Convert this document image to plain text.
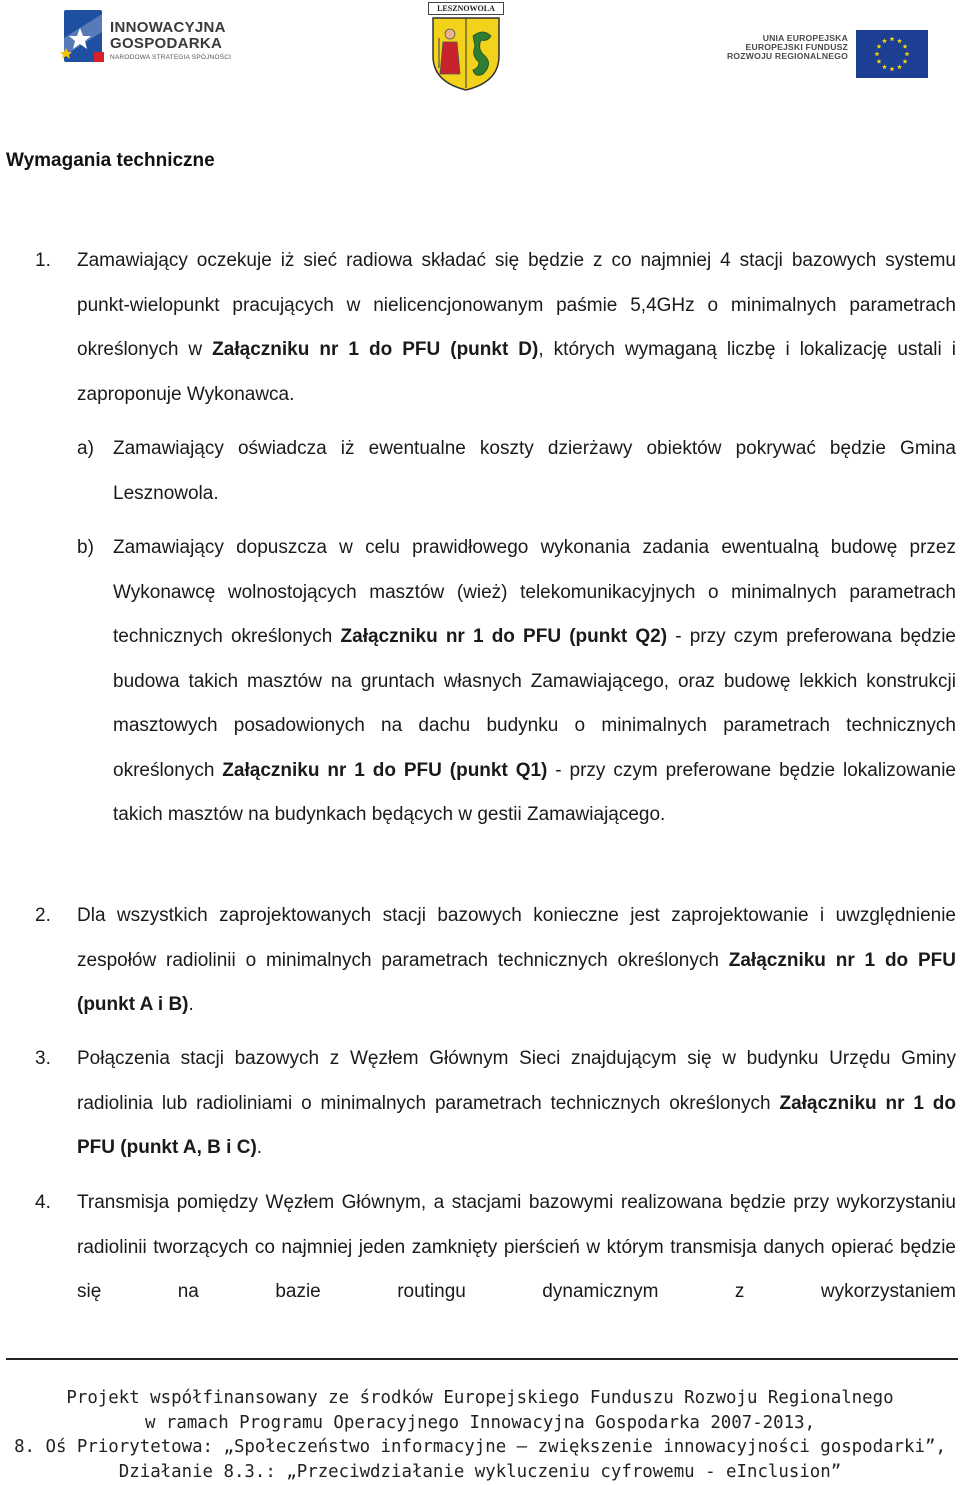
INNOWACYJNA
GOSPODARKA
NARODOWA STRATEGIA SPÓJNOŚCI
LESZNOWOLA
UNIA EUROPEJSKA
EUROPEJSKI FUNDUSZ
ROZWOJU REGIONALNEGO
Wymagania techniczne

1. Zamawiający oczekuje iż sieć radiowa składać się będzie z co najmniej 4 stacji bazowych systemu punkt-wielopunkt pracujących w nielicencjonowanym paśmie 5,4GHz o minimalnych parametrach określonych w Załączniku nr 1 do PFU (punkt D), których wymaganą liczbę i lokalizację ustali i zaproponuje Wykonawca.

a) Zamawiający oświadcza iż ewentualne koszty dzierżawy obiektów pokrywać będzie Gmina Lesznowola.

b) Zamawiający dopuszcza w celu prawidłowego wykonania zadania ewentualną budowę przez Wykonawcę wolnostojących masztów (wież) telekomunikacyjnych o minimalnych parametrach technicznych określonych Załączniku nr 1 do PFU (punkt Q2) - przy czym preferowana będzie budowa takich masztów na gruntach własnych Zamawiającego, oraz budowę lekkich konstrukcji masztowych posadowionych na dachu budynku o minimalnych parametrach technicznych określonych Załączniku nr 1 do PFU (punkt Q1) - przy czym preferowane będzie lokalizowanie takich masztów na budynkach będących w gestii Zamawiającego.

2. Dla wszystkich zaprojektowanych stacji bazowych konieczne jest zaprojektowanie i uwzględnienie zespołów radiolinii o minimalnych parametrach technicznych określonych Załączniku nr 1 do PFU (punkt A i B).

3. Połączenia stacji bazowych z Węzłem Głównym Sieci znajdującym się w budynku Urzędu Gminy radiolinia lub radioliniami o minimalnych parametrach technicznych określonych Załączniku nr 1 do PFU (punkt A, B i C).

4. Transmisja pomiędzy Węzłem Głównym, a stacjami bazowymi realizowana będzie przy wykorzystaniu radiolinii tworzących co najmniej jeden zamknięty pierścień w którym transmisja danych opierać będzie się na bazie routingu dynamicznym z wykorzystaniem

Projekt współfinansowany ze środków Europejskiego Funduszu Rozwoju Regionalnego
w ramach Programu Operacyjnego Innowacyjna Gospodarka 2007-2013,
8. Oś Priorytetowa: „Społeczeństwo informacyjne – zwiększenie innowacyjności gospodarki”,
Działanie 8.3.: „Przeciwdziałanie wykluczeniu cyfrowemu - eInclusion”
